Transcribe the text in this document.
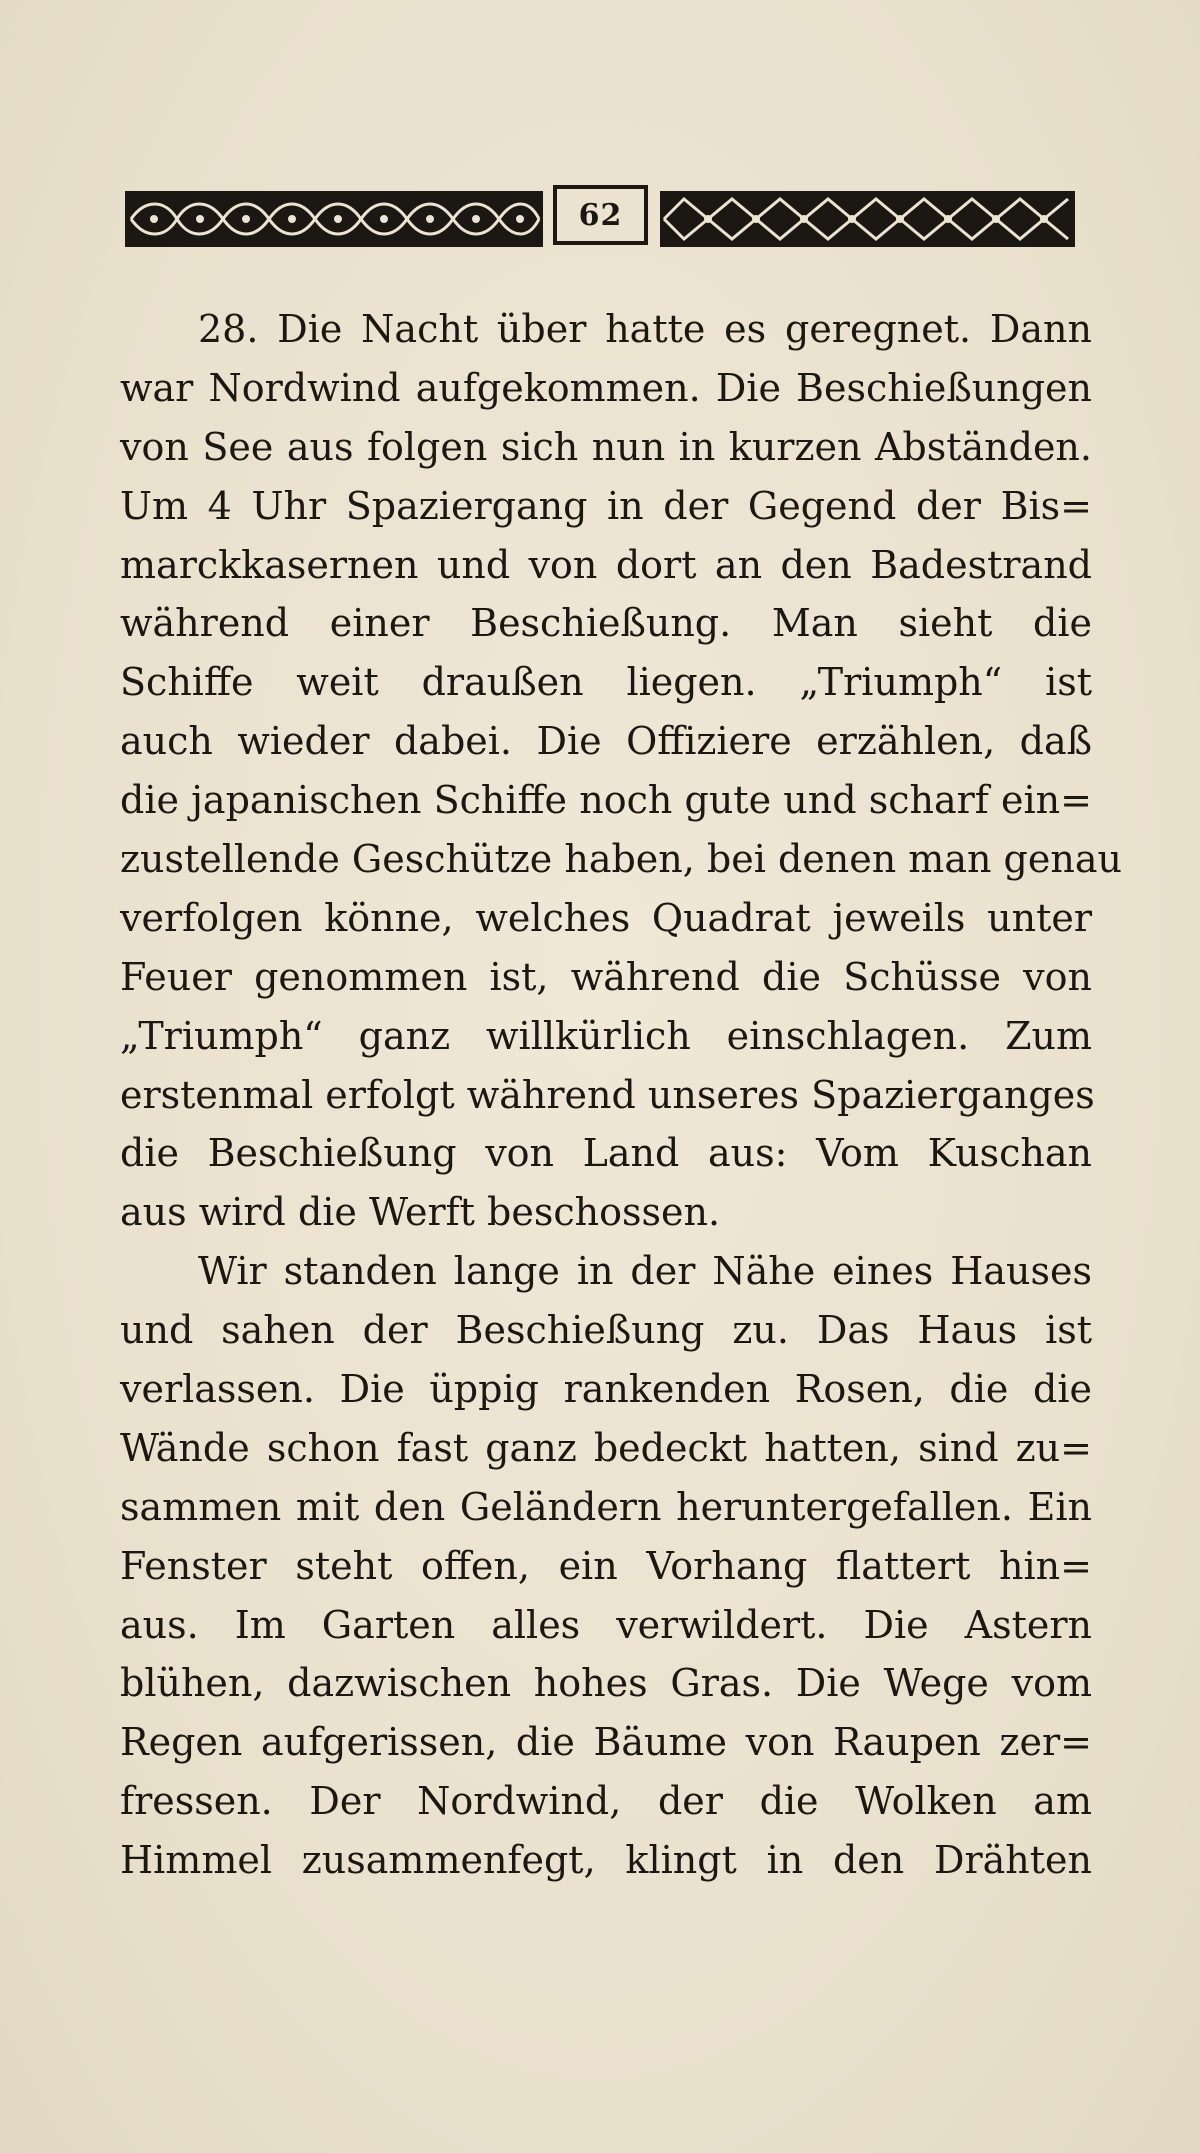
62
28. Die Nacht über hatte es geregnet. Dann
war Nordwind aufgekommen. Die Beschießungen
von See aus folgen sich nun in kurzen Abständen.
Um 4 Uhr Spaziergang in der Gegend der Bis=
marckkasernen und von dort an den Badestrand
während einer Beschießung. Man sieht die
Schiffe weit draußen liegen. „Triumph“ ist
auch wieder dabei. Die Offiziere erzählen, daß
die japanischen Schiffe noch gute und scharf ein=
zustellende Geschütze haben, bei denen man genau
verfolgen könne, welches Quadrat jeweils unter
Feuer genommen ist, während die Schüsse von
„Triumph“ ganz willkürlich einschlagen. Zum
erstenmal erfolgt während unseres Spazierganges
die Beschießung von Land aus: Vom Kuschan
aus wird die Werft beschossen.
Wir standen lange in der Nähe eines Hauses
und sahen der Beschießung zu. Das Haus ist
verlassen. Die üppig rankenden Rosen, die die
Wände schon fast ganz bedeckt hatten, sind zu=
sammen mit den Geländern heruntergefallen. Ein
Fenster steht offen, ein Vorhang flattert hin=
aus. Im Garten alles verwildert. Die Astern
blühen, dazwischen hohes Gras. Die Wege vom
Regen aufgerissen, die Bäume von Raupen zer=
fressen. Der Nordwind, der die Wolken am
Himmel zusammenfegt, klingt in den Drähten
